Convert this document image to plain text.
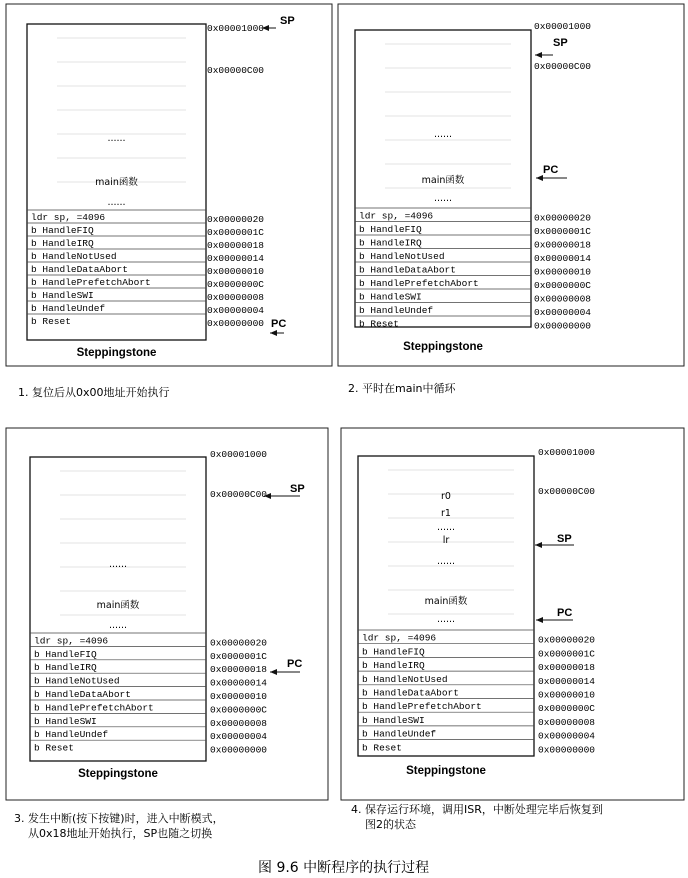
0x00001000
0x00000C00
......
main函数
......
ldr sp, =4096	0x00000020
b HandleFIQ	0x0000001C
b HandleIRQ	0x00000018
b HandleNotUsed	0x00000014
b HandleDataAbort	0x00000010
b HandlePrefetchAbort	0x0000000C
b HandleSWI	0x00000008
b HandleUndef	0x00000004
b Reset	0x00000000
SP
PC
Steppingstone
1. 复位后从0x00地址开始执行
0x00001000
0x00000C00
......
main函数
......
ldr sp, =4096	0x00000020
b HandleFIQ	0x0000001C
b HandleIRQ	0x00000018
b HandleNotUsed	0x00000014
b HandleDataAbort	0x00000010
b HandlePrefetchAbort	0x0000000C
b HandleSWI	0x00000008
b HandleUndef	0x00000004
b Reset	0x00000000
SP
PC
Steppingstone
2. 平时在main中循环
0x00001000
0x00000C00
......
main函数
......
ldr sp, =4096	0x00000020
b HandleFIQ	0x0000001C
b HandleIRQ	0x00000018
b HandleNotUsed	0x00000014
b HandleDataAbort	0x00000010
b HandlePrefetchAbort	0x0000000C
b HandleSWI	0x00000008
b HandleUndef	0x00000004
b Reset	0x00000000
SP
PC
Steppingstone
3. 发生中断(按下按键)时，进入中断模式，
从0x18地址开始执行，SP也随之切换
0x00001000
0x00000C00
r0
r1
......
lr
......
main函数
......
ldr sp, =4096	0x00000020
b HandleFIQ	0x0000001C
b HandleIRQ	0x00000018
b HandleNotUsed	0x00000014
b HandleDataAbort	0x00000010
b HandlePrefetchAbort	0x0000000C
b HandleSWI	0x00000008
b HandleUndef	0x00000004
b Reset	0x00000000
SP
PC
Steppingstone
4. 保存运行环境，调用ISR，中断处理完毕后恢复到
图2的状态
图 9.6 中断程序的执行过程
